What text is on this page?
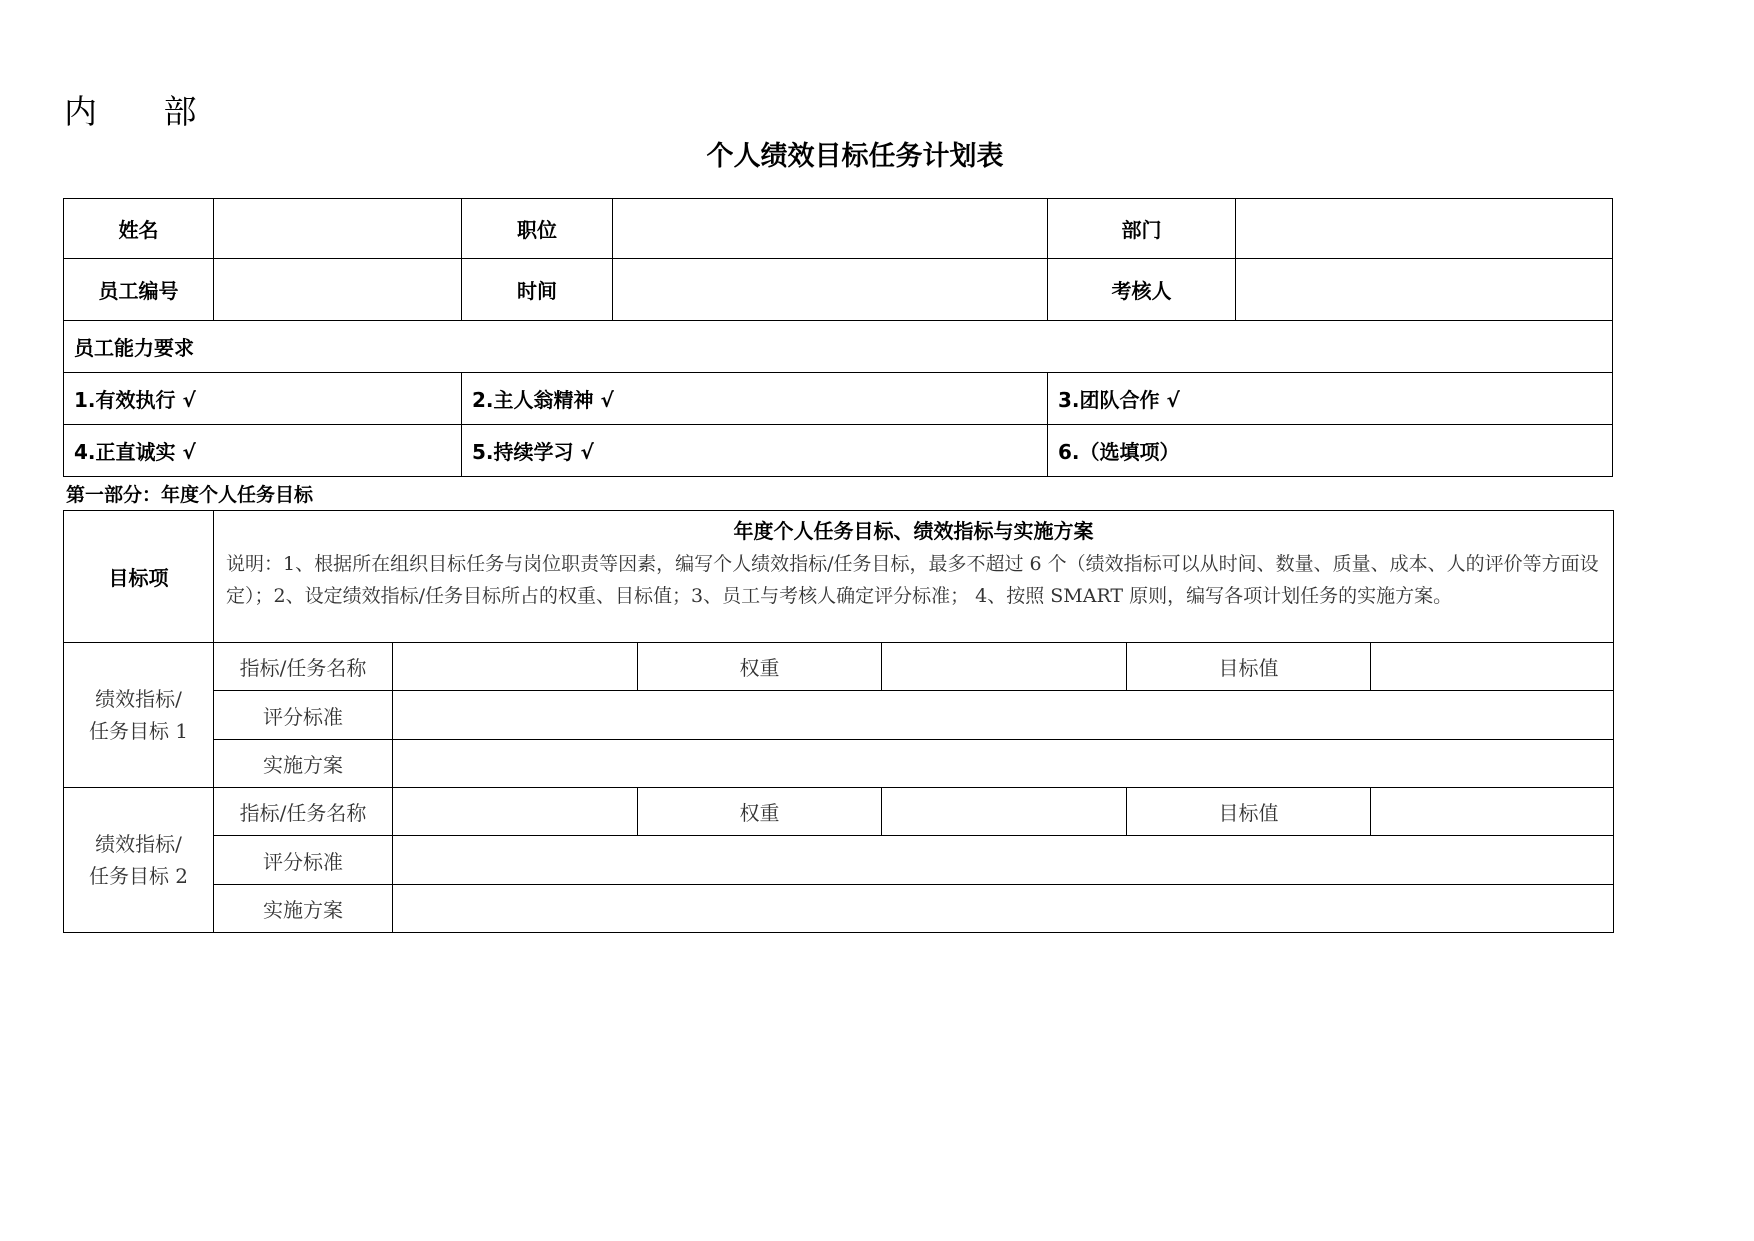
内 部
个人绩效目标任务计划表
姓名		职位		部门	
员工编号		时间		考核人	
员工能力要求					
1.有效执行 √		2.主人翁精神 √		3.团队合作 √	
4.正直诚实 √		5.持续学习 √		6.（选填项）	
第一部分：年度个人任务目标
目标项	年度个人任务目标、绩效指标与实施方案
说明：1、根据所在组织目标任务与岗位职责等因素，编写个人绩效指标/任务目标，最多不超过 6 个（绩效指标可以从时间、数量、质量、成本、人的评价等方面设定）；2、设定绩效指标/任务目标所占的权重、目标值；3、员工与考核人确定评分标准； 4、按照 SMART 原则，编写各项计划任务的实施方案。					

绩效指标/
任务目标 1	指标/任务名称		权重		目标值	
	评分标准					
	实施方案					

绩效指标/
任务目标 2	指标/任务名称		权重		目标值	
	评分标准					
	实施方案					
